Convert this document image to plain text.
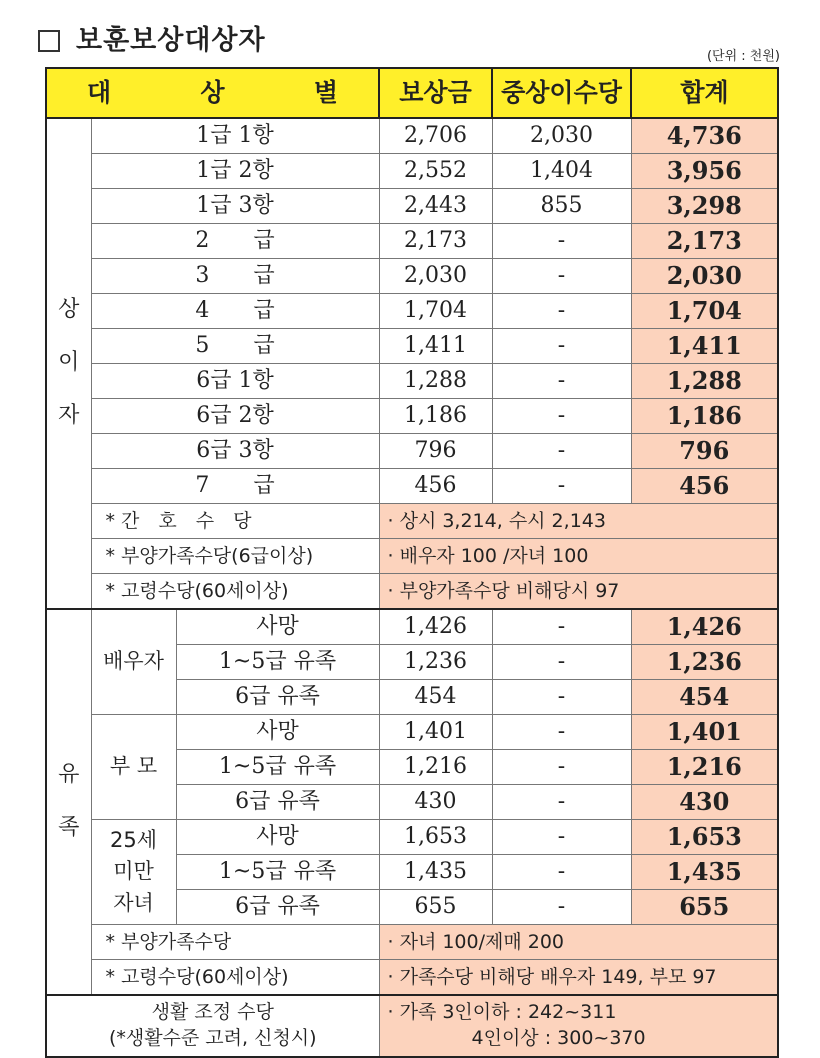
보훈보상대상자
(단위 : 천원)
대 상 별			보상금	중상이수당	합계
상
이
자	1급 1항		2,706	2,030	4,736
	1급 2항		2,552	1,404	3,956
	1급 3항		2,443	855	3,298
	2　　급		2,173	-	2,173
	3　　급		2,030	-	2,030
	4　　급		1,704	-	1,704
	5　　급		1,411	-	1,411
	6급 1항		1,288	-	1,288
	6급 2항		1,186	-	1,186
	6급 3항		796	-	796
	7　　급		456	-	456
	* 간　호　수　당		· 상시 3,214, 수시 2,143		
	* 부양가족수당(6급이상)		· 배우자 100 /자녀 100		
	* 고령수당(60세이상)		· 부양가족수당 비해당시 97		
유
족	배우자	사망	1,426	-	1,426
		1~5급 유족	1,236	-	1,236
		6급 유족	454	-	454
	부 모	사망	1,401	-	1,401
		1~5급 유족	1,216	-	1,216
		6급 유족	430	-	430
	25세
미만
자녀	사망	1,653	-	1,653
		1~5급 유족	1,435	-	1,435
		6급 유족	655	-	655
	* 부양가족수당		· 자녀 100/제매 200		
	* 고령수당(60세이상)		· 가족수당 비해당 배우자 149, 부모 97		
생활 조정 수당
(*생활수준 고려, 신청시)			· 가족 3인이하 : 242~311
4인이상 : 300~370		
